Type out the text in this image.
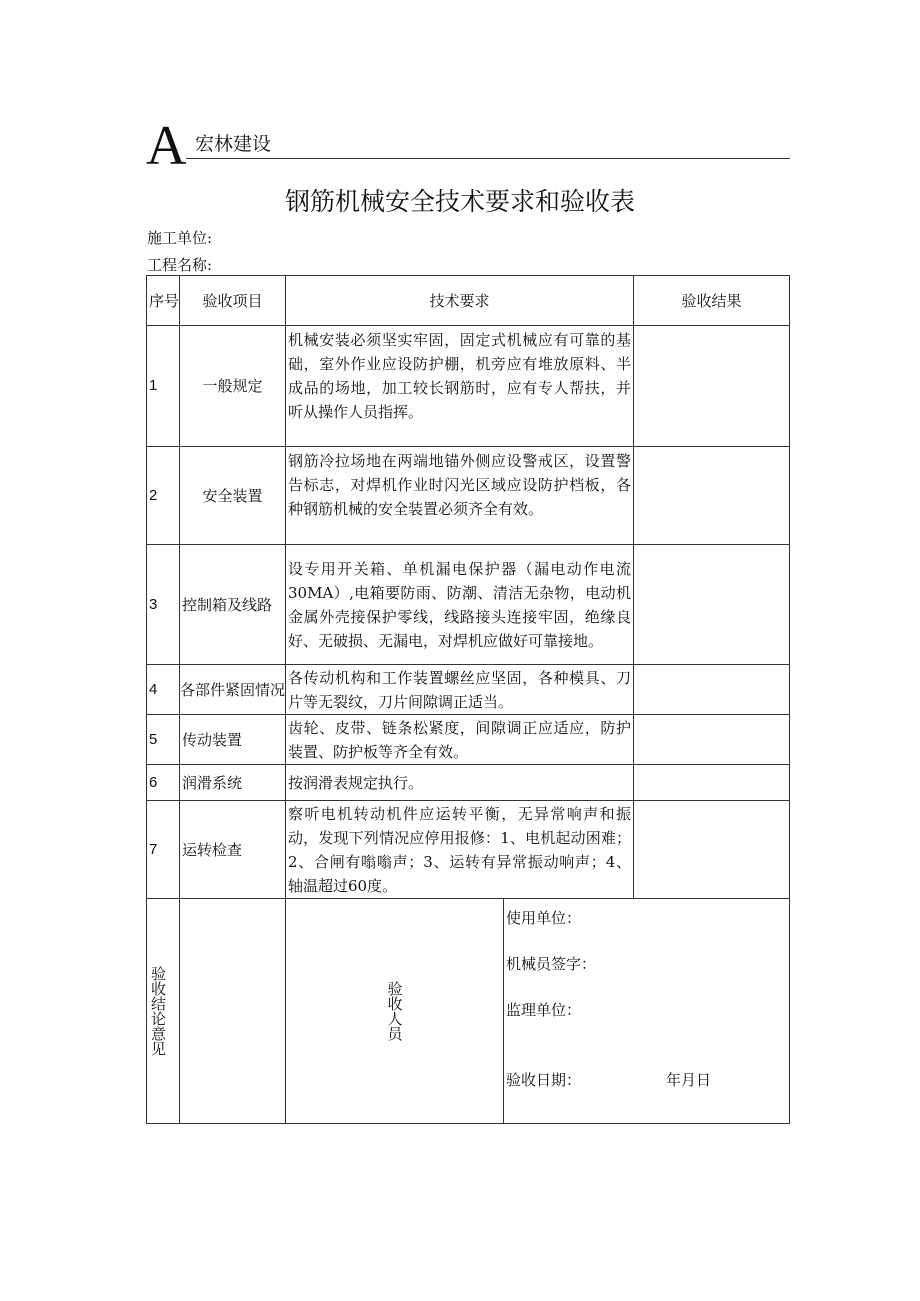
A 宏林建设
钢筋机械安全技术要求和验收表
施工单位:
工程名称:
序号	验收项目	技术要求		验收结果
1	一般规定	机械安装必须坚实牢固，固定式机械应有可靠的基础，室外作业应设防护棚，机旁应有堆放原料、半成品的场地，加工较长钢筋时，应有专人帮扶，并听从操作人员指挥。		
2	安全装置	钢筋冷拉场地在两端地锚外侧应设警戒区，设置警告标志，对焊机作业时闪光区域应设防护档板，各种钢筋机械的安全装置必须齐全有效。		
3	控制箱及线路	设专用开关箱、单机漏电保护器（漏电动作电流30MA）,电箱要防雨、防潮、清洁无杂物，电动机金属外壳接保护零线，线路接头连接牢固，绝缘良好、无破损、无漏电，对焊机应做好可靠接地。		
4	各部件紧固情况	各传动机构和工作装置螺丝应坚固，各种模具、刀片等无裂纹，刀片间隙调正适当。		
5	传动装置	齿轮、皮带、链条松紧度，间隙调正应适应，防护装置、防护板等齐全有效。		
6	润滑系统	按润滑表规定执行。		
7	运转检查	察听电机转动机件应运转平衡，无异常响声和振动，发现下列情况应停用报修：1、电机起动困难；2、合闸有嗡嗡声；3、运转有异常振动响声；4、轴温超过60度。		

验收结论意见		验收人员	使用单位：
机械员签字：
监理单位：
验收日期： 年月日	
